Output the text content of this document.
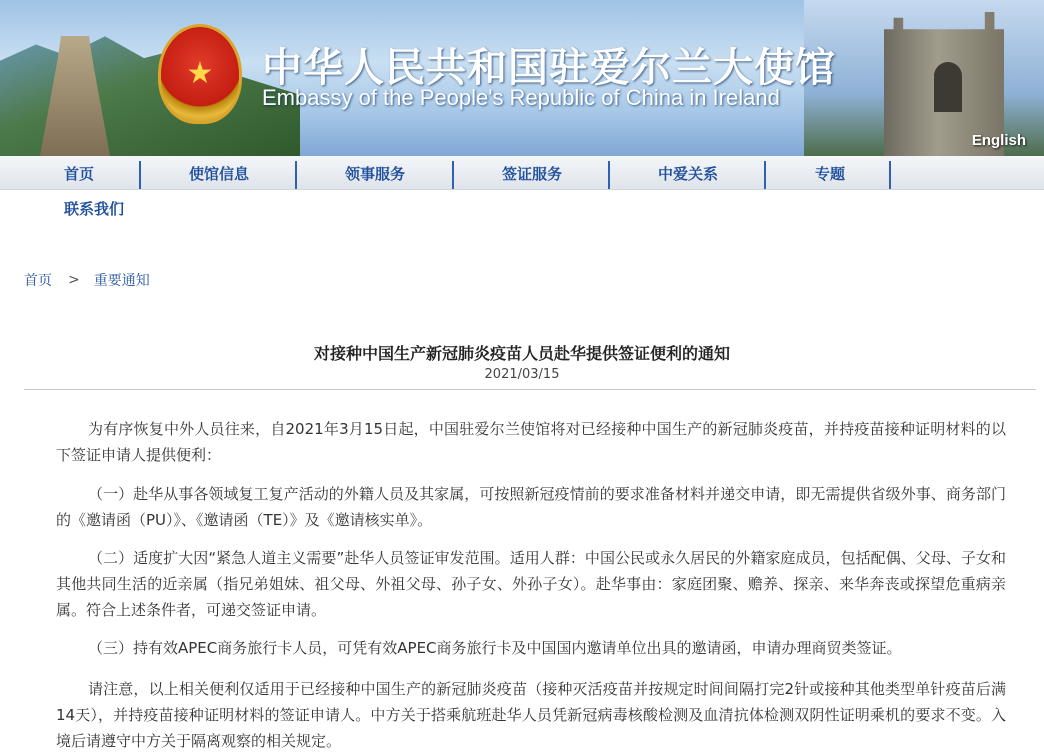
★ 中华人民共和国驻爱尔兰大使馆
Embassy of the People's Republic of China in Ireland
English
首页	使馆信息	领事服务	签证服务	中爱关系	专题
联系我们
首页 > 重要通知
对接种中国生产新冠肺炎疫苗人员赴华提供签证便利的通知
2021/03/15

为有序恢复中外人员往来，自2021年3月15日起，中国驻爱尔兰使馆将对已经接种中国生产的新冠肺炎疫苗，并持疫苗接种证明材料的以下签证申请人提供便利：

（一）赴华从事各领域复工复产活动的外籍人员及其家属，可按照新冠疫情前的要求准备材料并递交申请，即无需提供省级外事、商务部门的《邀请函（PU）》、《邀请函（TE）》及《邀请核实单》。

（二）适度扩大因“紧急人道主义需要”赴华人员签证审发范围。适用人群：中国公民或永久居民的外籍家庭成员，包括配偶、父母、子女和其他共同生活的近亲属（指兄弟姐妹、祖父母、外祖父母、孙子女、外孙子女）。赴华事由：家庭团聚、赡养、探亲、来华奔丧或探望危重病亲属。符合上述条件者，可递交签证申请。

（三）持有效APEC商务旅行卡人员，可凭有效APEC商务旅行卡及中国国内邀请单位出具的邀请函，申请办理商贸类签证。

请注意，以上相关便利仅适用于已经接种中国生产的新冠肺炎疫苗（接种灭活疫苗并按规定时间间隔打完2针或接种其他类型单针疫苗后满14天），并持疫苗接种证明材料的签证申请人。中方关于搭乘航班赴华人员凭新冠病毒核酸检测及血清抗体检测双阴性证明乘机的要求不变。入境后请遵守中方关于隔离观察的相关规定。
